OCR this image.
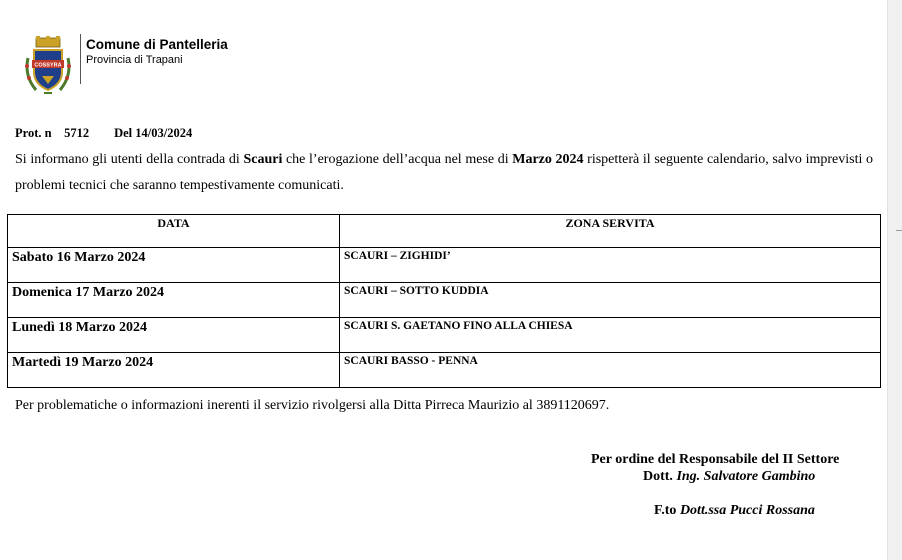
COSSYRA
Comune di Pantelleria
Provincia di Trapani
Prot. n 5712 Del 14/03/2024
Si informano gli utenti della contrada di Scauri che l’erogazione dell’acqua nel mese di Marzo 2024 rispetterà il seguente calendario, salvo imprevisti o problemi tecnici che saranno tempestivamente comunicati.
DATA	ZONA SERVITA
Sabato 16 Marzo 2024	SCAURI – ZIGHIDI’
Domenica 17 Marzo 2024	SCAURI – SOTTO KUDDIA
Lunedì 18 Marzo 2024	SCAURI S. GAETANO FINO ALLA CHIESA
Martedì 19 Marzo 2024	SCAURI BASSO - PENNA
Per problematiche o informazioni inerenti il servizio rivolgersi alla Ditta Pirreca Maurizio al 3891120697.
Per ordine del Responsabile del II Settore
Dott. Ing. Salvatore Gambino
F.to Dott.ssa Pucci Rossana
